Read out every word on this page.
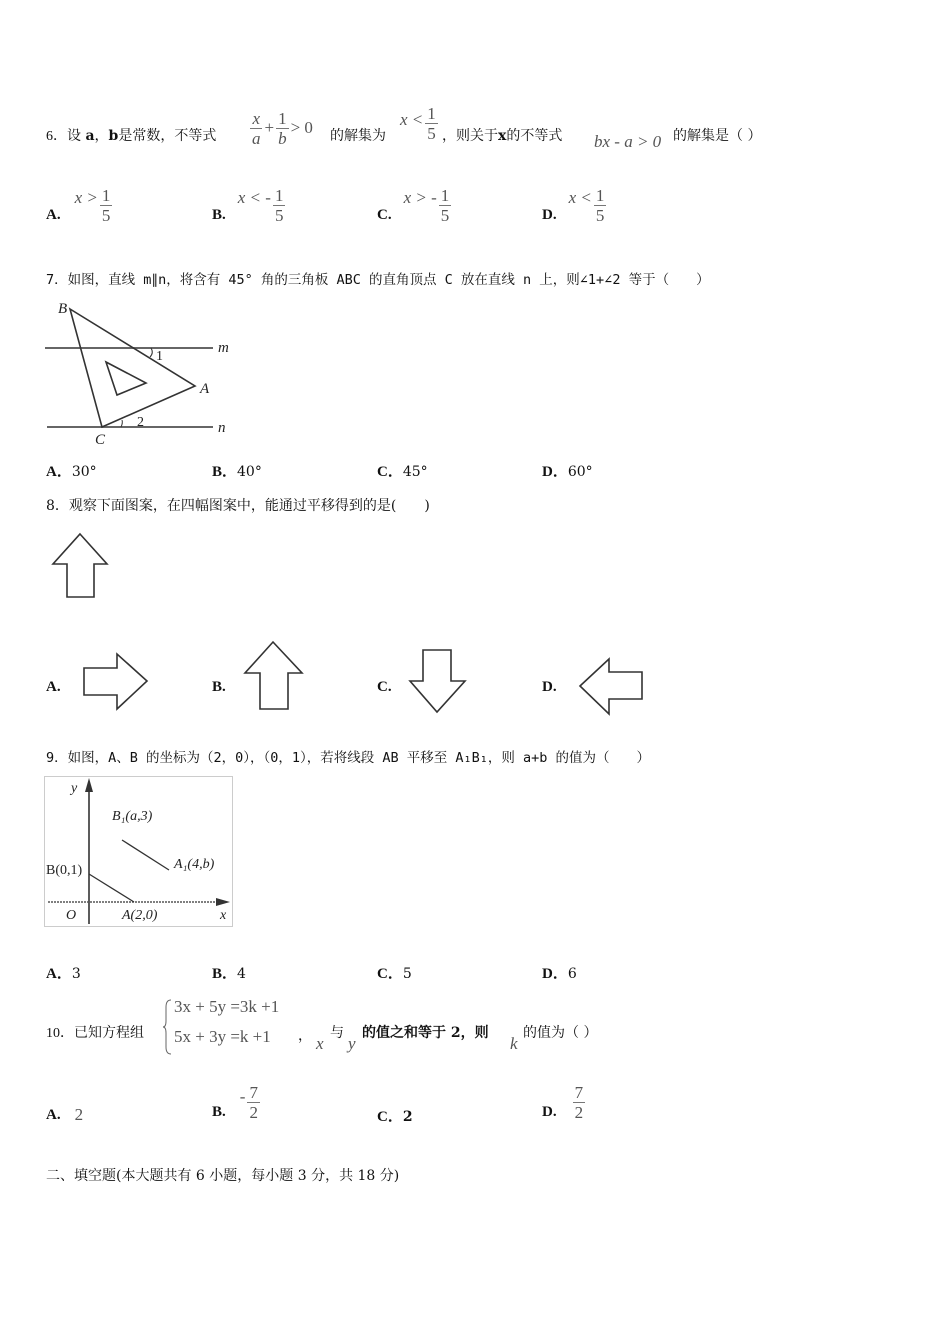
6．设 a，b是常数，不等式 $\frac{x}{a} + \frac{1}{b} > 0$ 的解集为
$x < \frac{1}{5}$ ，则关于x的不等式 bx - a > 0 的解集是（ ）
A.
$x > \frac{1}{5}$	B.
x < - $\frac{1}{5}$	C.
x > - $\frac{1}{5}$	D.
$x < \frac{1}{5}$
7．如图，直线 m∥n，将含有 45° 角的三角板 ABC 的直角顶点 C 放在直线 n 上，则∠1+∠2 等于（　　）
B
A
C
m
n
1
2
A．30°	B．40°	C．45°	D．60°
8．观察下面图案，在四幅图案中，能通过平移得到的是(　　)
A.	B.	C.	D.
9．如图，A、B 的坐标为（2，0），（0，1），若将线段 AB 平移至 A₁B₁，则 a+b 的值为（　　）
y
x
O
B(0,1)
A(2,0)
B₁(a,3)
A₁(4,b)
A．3	B．4	C．5	D．6
10．已知方程组
3x + 5y =3k +1
5x + 3y =k +1 ， x
与
y
的值之和等于 2，则
k
的值为（ ）
A. 2	B.
- $\frac{7}{2}$	C．2	D. $\frac{7}{2}$
二、填空题(本大题共有 6 小题，每小题 3 分，共 18 分)
